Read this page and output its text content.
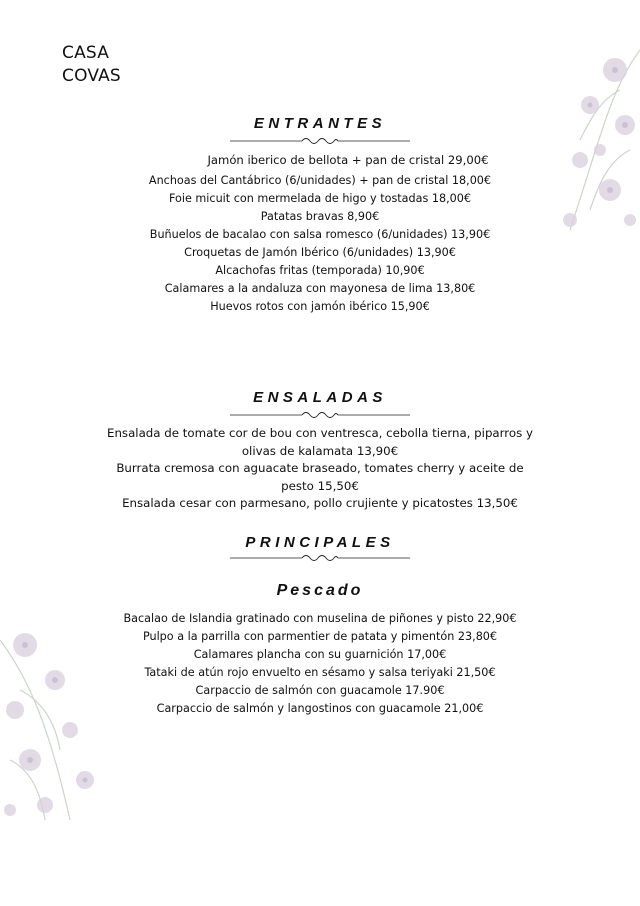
CASA
COVAS
ENTRANTES
Jamón iberico de bellota + pan de cristal 29,00€
Anchoas del Cantábrico (6/unidades) + pan de cristal 18,00€
Foie micuit con mermelada de higo y tostadas 18,00€
Patatas bravas 8,90€
Buñuelos de bacalao con salsa romesco (6/unidades) 13,90€
Croquetas de Jamón Ibérico (6/unidades) 13,90€
Alcachofas fritas (temporada) 10,90€
Calamares a la andaluza con mayonesa de lima 13,80€
Huevos rotos con jamón ibérico 15,90€
ENSALADAS
Ensalada de tomate cor de bou con ventresca, cebolla tierna, piparros y olivas de kalamata 13,90€
Burrata cremosa con aguacate braseado, tomates cherry y aceite de pesto 15,50€
Ensalada cesar con parmesano, pollo crujiente y picatostes 13,50€
PRINCIPALES
Pescado
Bacalao de Islandia gratinado con muselina de piñones y pisto 22,90€
Pulpo a la parrilla con parmentier de patata y pimentón 23,80€
Calamares plancha con su guarnición 17,00€
Tataki de atún rojo envuelto en sésamo y salsa teriyaki 21,50€
Carpaccio de salmón con guacamole 17.90€
Carpaccio de salmón y langostinos con guacamole 21,00€
